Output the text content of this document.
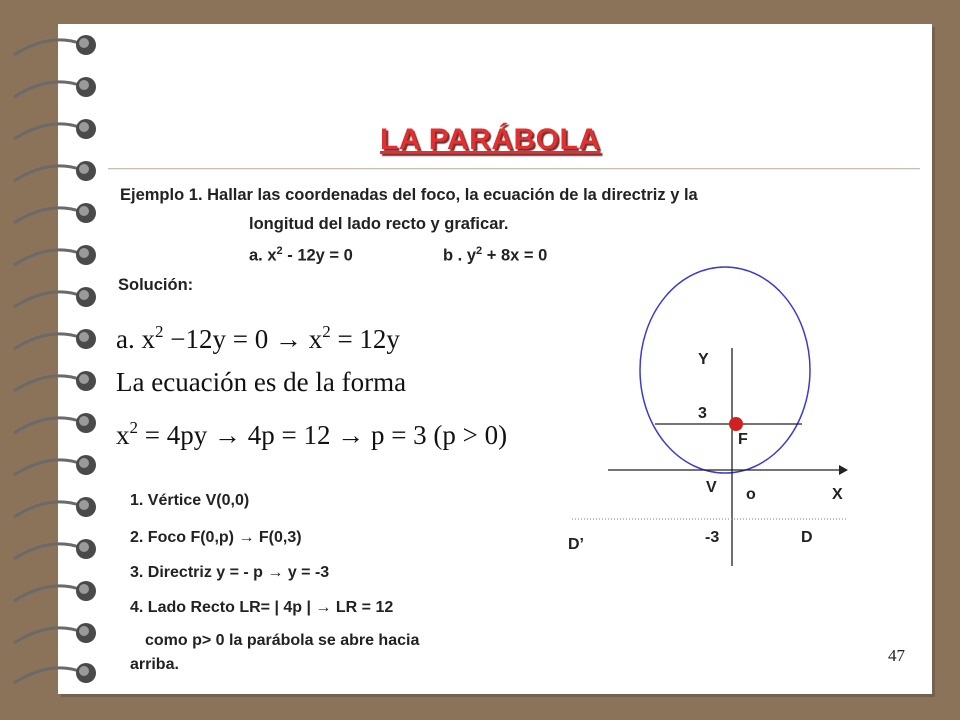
LA PARÁBOLA
Ejemplo 1. Hallar las coordenadas del foco, la ecuación de la directriz y la
longitud del lado recto y graficar.
a. $x^2 - 12y = 0$	b . $y^2 + 8x = 0$
Solución:
a. $x^2 -12y = 0 \to x^2 = 12y$
La ecuación es de la forma
$x^2 = 4py \to 4p = 12 \to p = 3$ (p > 0)
1. Vértice V(0,0)
2. Foco F(0,p) → F(0,3)
3. Directriz y = - p → y = -3
4. Lado Recto LR= | 4p | → LR = 12
como p> 0 la parábola se abre hacia
arriba.
Y
3
F
V o	X
-3	D
D’
47
